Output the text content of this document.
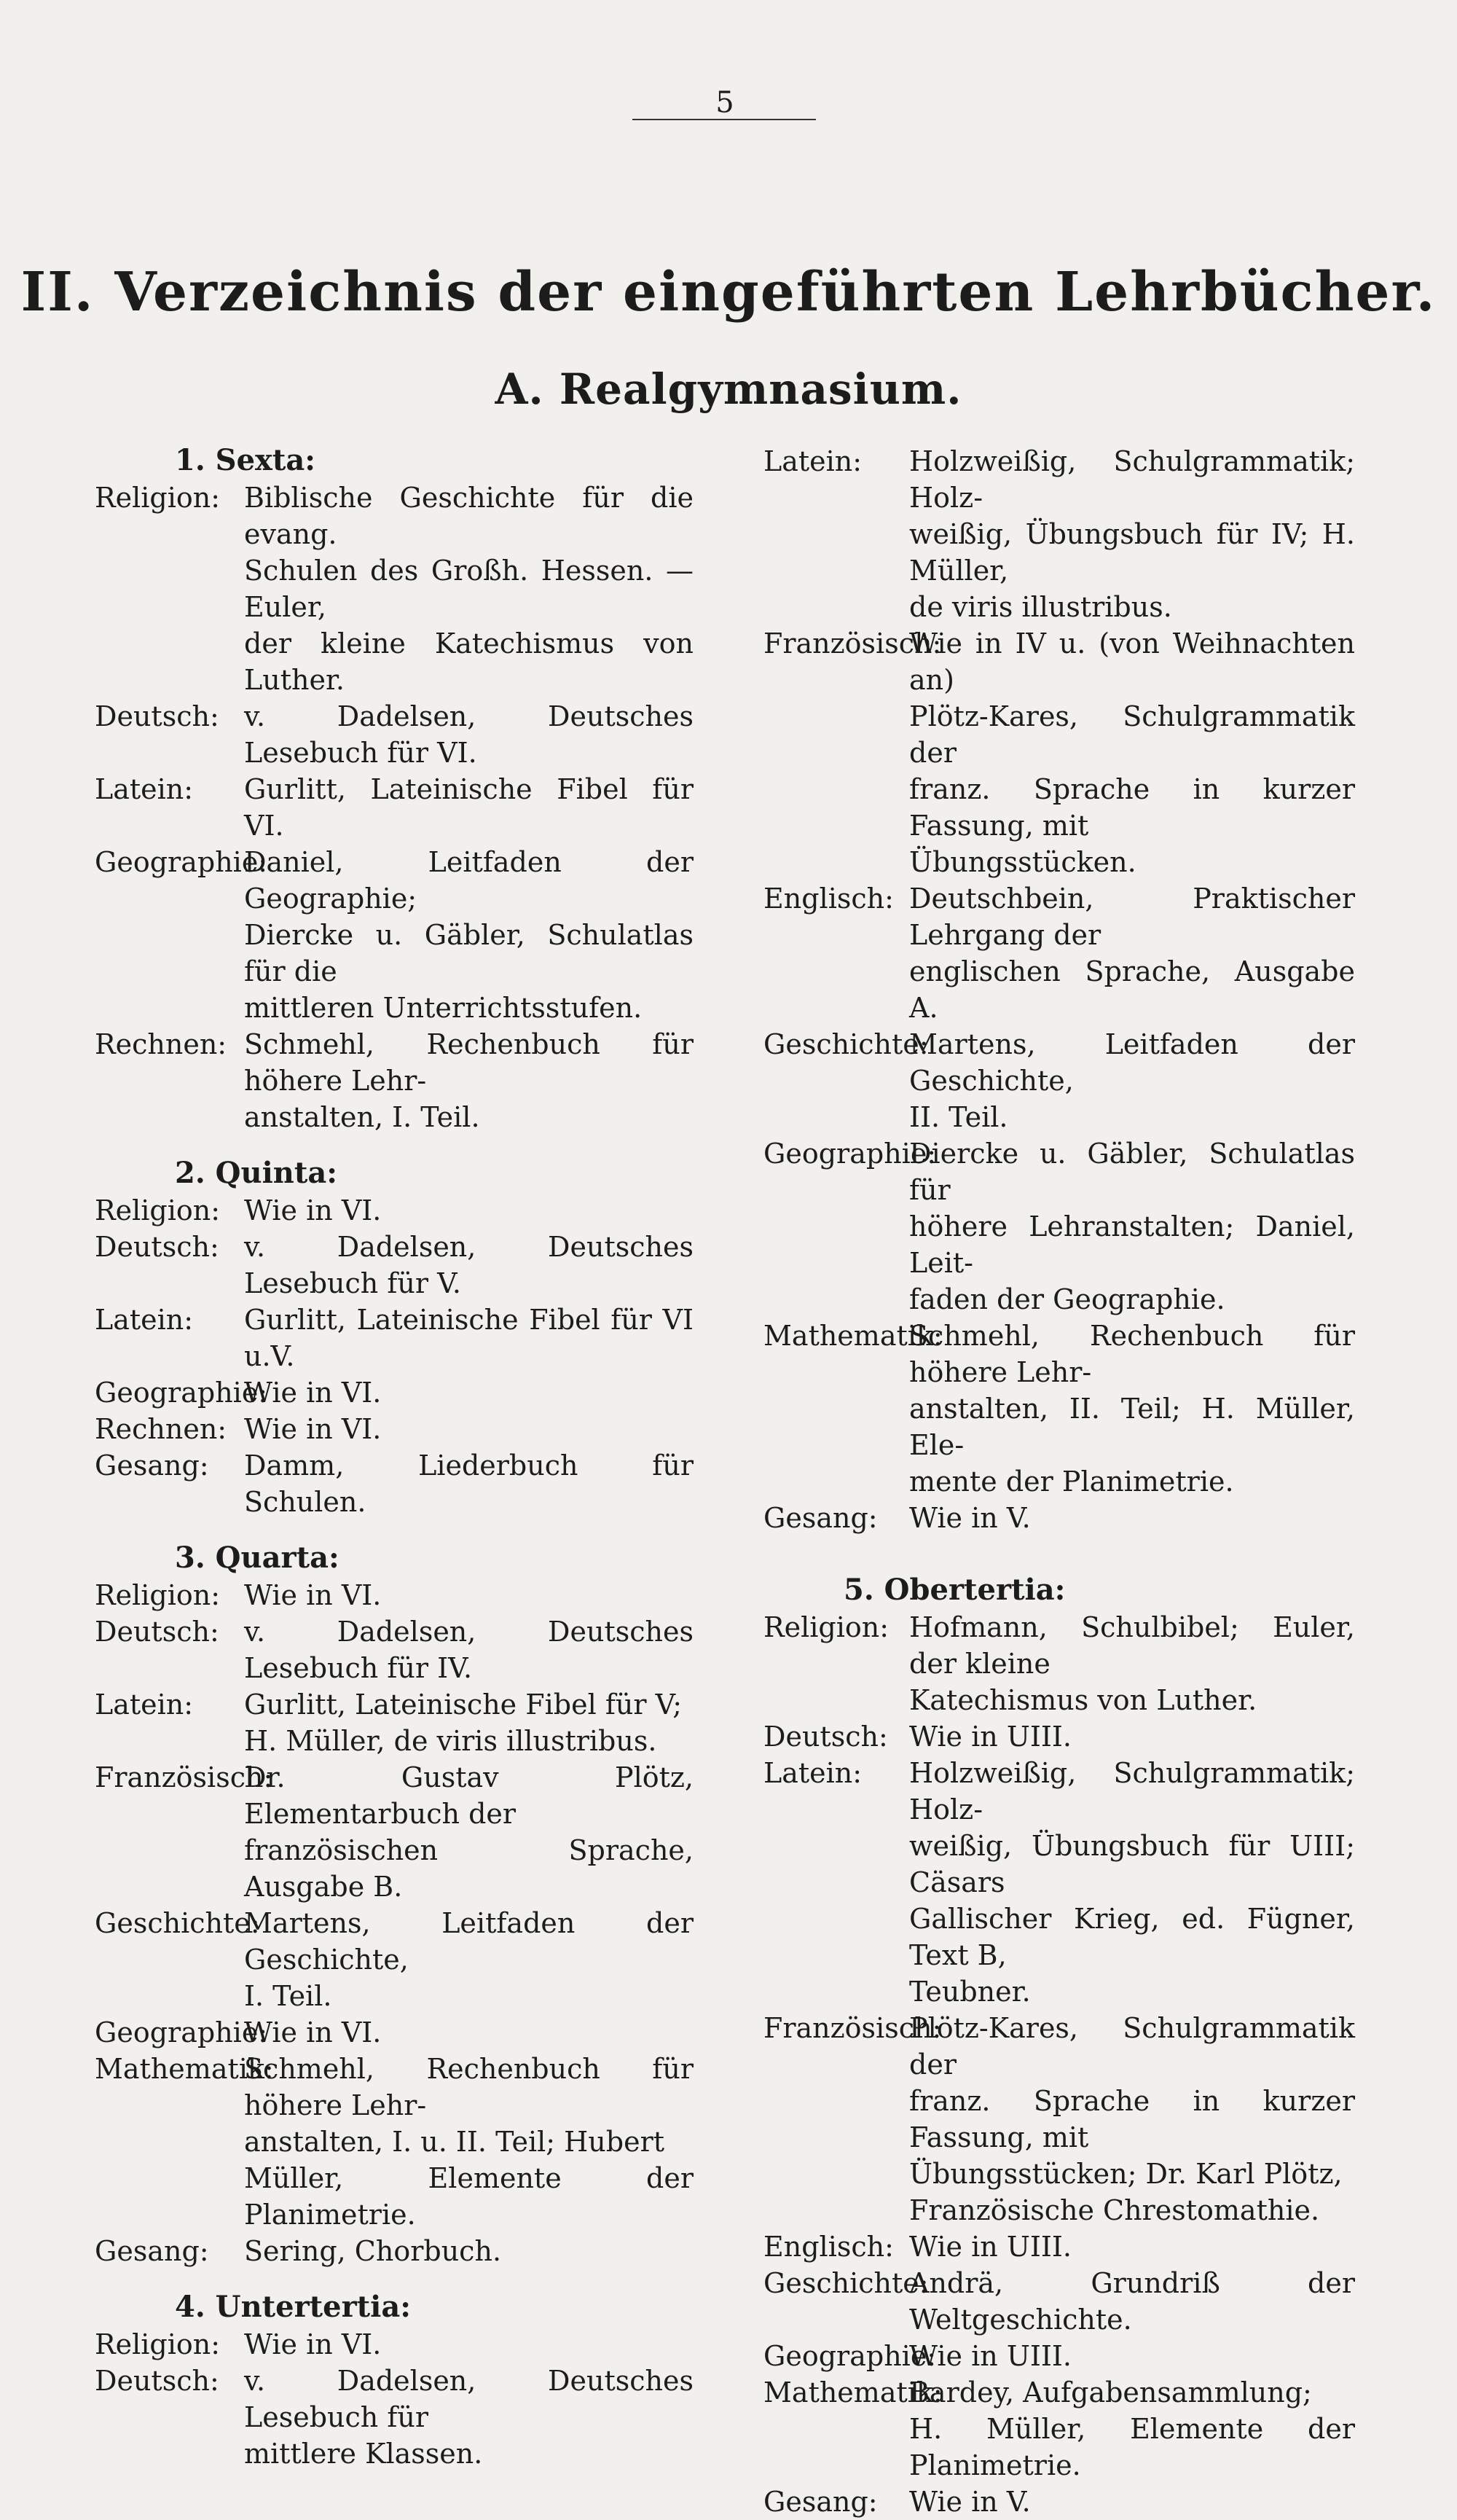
5
II. Verzeichnis der eingeführten Lehrbücher.
A. Realgymnasium.
1. Sexta:
Religion: Biblische Geschichte für die evang.
Schulen des Großh. Hessen. — Euler,
der kleine Katechismus von Luther.
Deutsch: v. Dadelsen, Deutsches Lesebuch für VI.
Latein:	Gurlitt, Lateinische Fibel für VI.
Geographie:
Daniel, Leitfaden der Geographie;
Diercke u. Gäbler, Schulatlas für die
mittleren Unterrichtsstufen.
Rechnen: Schmehl, Rechenbuch für höhere Lehr-
anstalten, I. Teil.
2. Quinta:
Religion: Wie in VI.
Deutsch: v. Dadelsen, Deutsches Lesebuch für V.
Latein:	Gurlitt, Lateinische Fibel für VI u.V.
Geographie:
Wie in VI.
Rechnen: Wie in VI.
Gesang:	Damm, Liederbuch für Schulen.
3. Quarta:
Religion: Wie in VI.
Deutsch: v. Dadelsen, Deutsches Lesebuch für IV.
Latein:	Gurlitt, Lateinische Fibel für V;
H. Müller, de viris illustribus.
Französisch:
Dr. Gustav Plötz, Elementarbuch der
französischen Sprache, Ausgabe B.
Geschichte:
Martens, Leitfaden der Geschichte,
I. Teil.
Geographie:
Wie in VI.
Mathematik:
Schmehl, Rechenbuch für höhere Lehr-
anstalten, I. u. II. Teil; Hubert
Müller, Elemente der Planimetrie.
Gesang:	Sering, Chorbuch.
4. Untertertia:
Religion: Wie in VI.
Deutsch: v. Dadelsen, Deutsches Lesebuch für
mittlere Klassen.
Latein:	Holzweißig, Schulgrammatik; Holz-
weißig, Übungsbuch für IV; H. Müller,
de viris illustribus.
Französisch:
Wie in IV u. (von Weihnachten an)
Plötz-Kares, Schulgrammatik der
franz. Sprache in kurzer Fassung, mit
Übungsstücken.
Englisch: Deutschbein, Praktischer Lehrgang der
englischen Sprache, Ausgabe A.
Geschichte:
Martens, Leitfaden der Geschichte,
II. Teil.
Geographie:
Diercke u. Gäbler, Schulatlas für
höhere Lehranstalten; Daniel, Leit-
faden der Geographie.
Mathematik:
Schmehl, Rechenbuch für höhere Lehr-
anstalten, II. Teil; H. Müller, Ele-
mente der Planimetrie.
Gesang:	Wie in V.
5. Obertertia:
Religion: Hofmann, Schulbibel; Euler, der kleine
Katechismus von Luther.
Deutsch: Wie in UIII.
Latein:	Holzweißig, Schulgrammatik; Holz-
weißig, Übungsbuch für UIII; Cäsars
Gallischer Krieg, ed. Fügner, Text B,
Teubner.
Französisch:
Plötz-Kares, Schulgrammatik der
franz. Sprache in kurzer Fassung, mit
Übungsstücken; Dr. Karl Plötz,
Französische Chrestomathie.
Englisch: Wie in UIII.
Geschichte:
Andrä, Grundriß der Weltgeschichte.
Geographie:
Wie in UIII.
Mathematik:
Bardey, Aufgabensammlung;
H. Müller, Elemente der Planimetrie.
Gesang:	Wie in V.
